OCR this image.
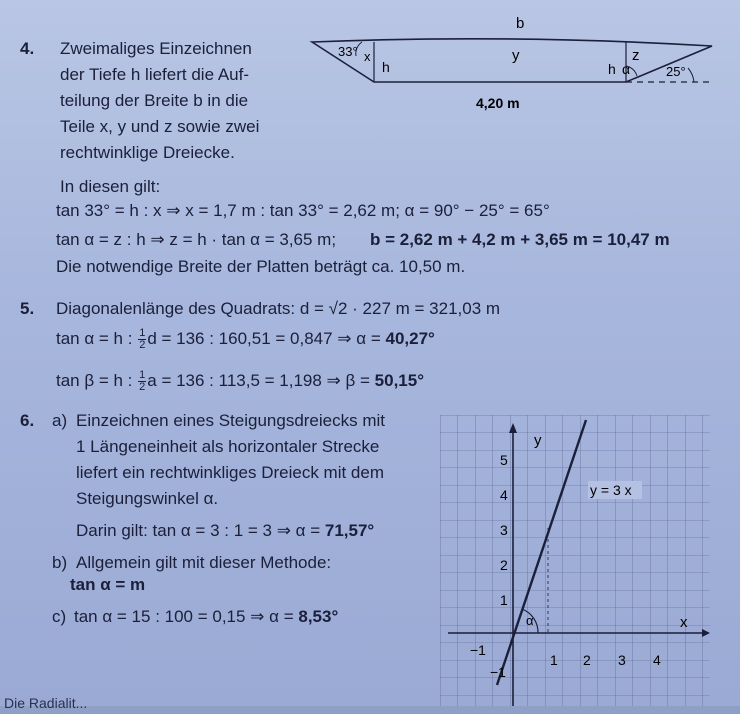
4. Zweimaliges Einzeichnen
der Tiefe h liefert die Auf-
teilung der Breite b in die
Teile x, y und z sowie zwei
rechtwinklige Dreiecke.
In diesen gilt:
tan 33° = h : x ⇒ x = 1,7 m : tan 33° = 2,62 m; α = 90° − 25° = 65°
tan α = z : h ⇒ z = h · tan α = 3,65 m; b = 2,62 m + 4,2 m + 3,65 m = 10,47 m
Die notwendige Breite der Platten beträgt ca. 10,50 m.
b
33° x
h
y
h α
z
25°
4,20 m
5. Diagonalenlänge des Quadrats: d = √2 · 227 m = 321,03 m
tan α = h : $\frac{1}{2}$ d = 136 : 160,51 = 0,847 ⇒ α = 40,27°
tan β = h : $\frac{1}{2}$ a = 136 : 113,5 = 1,198 ⇒ β = 50,15°
6. a) Einzeichnen eines Steigungsdreiecks mit
1 Längeneinheit als horizontaler Strecke
liefert ein rechtwinkliges Dreieck mit dem
Steigungswinkel α.
Darin gilt: tan α = 3 : 1 = 3 ⇒ α = 71,57°
b) Allgemein gilt mit dieser Methode:
tan α = m
c) tan α = 15 : 100 = 0,15 ⇒ α = 8,53°	α
y = 3 x
y
x
−1
1 2 3 4
5
4
3
2
1
−1
Die Radialit...
